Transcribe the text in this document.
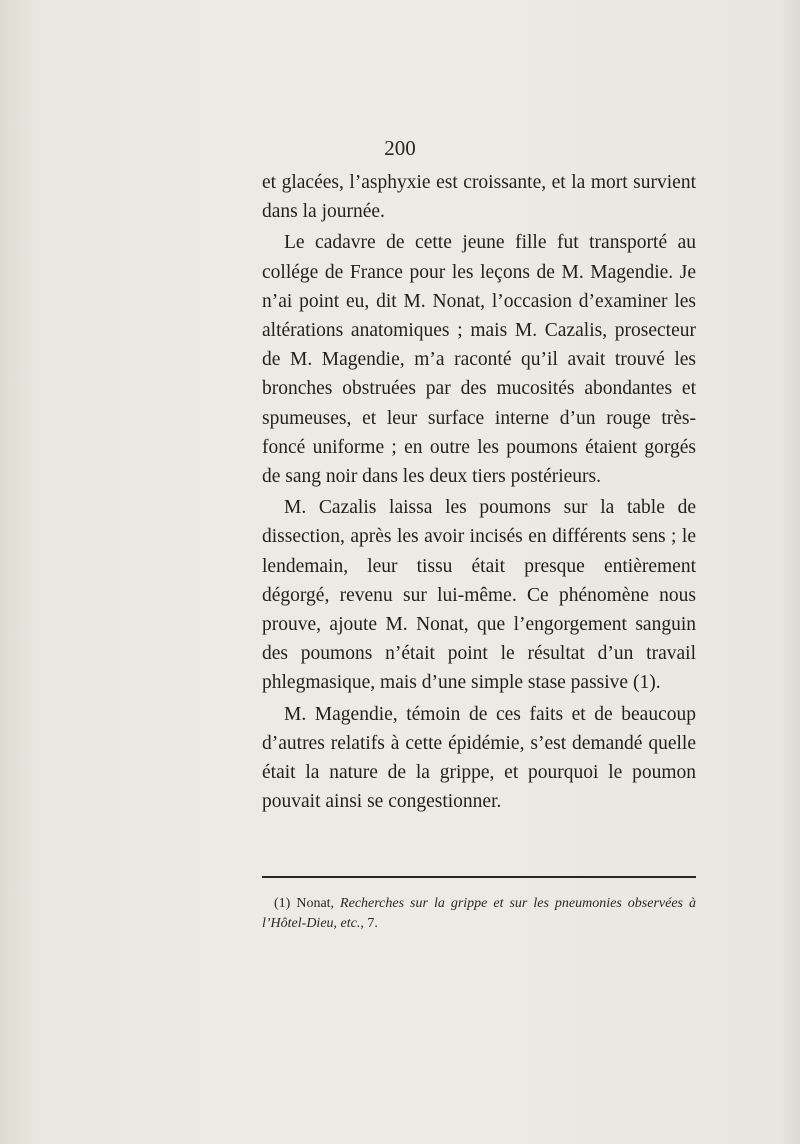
200

et glacées, l’asphyxie est croissante, et la mort survient dans la journée.

Le cadavre de cette jeune fille fut transporté au collége de France pour les leçons de M. Magendie. Je n’ai point eu, dit M. Nonat, l’occasion d’examiner les altérations anatomiques ; mais M. Cazalis, prosecteur de M. Magendie, m’a raconté qu’il avait trouvé les bronches obstruées par des mucosités abondantes et spumeuses, et leur surface interne d’un rouge très-foncé uniforme ; en outre les poumons étaient gorgés de sang noir dans les deux tiers postérieurs.

M. Cazalis laissa les poumons sur la table de dissection, après les avoir incisés en différents sens ; le lendemain, leur tissu était presque entièrement dégorgé, revenu sur lui-même. Ce phénomène nous prouve, ajoute M. Nonat, que l’engorgement sanguin des poumons n’était point le résultat d’un travail phlegmasique, mais d’une simple stase passive (1).

M. Magendie, témoin de ces faits et de beaucoup d’autres relatifs à cette épidémie, s’est demandé quelle était la nature de la grippe, et pourquoi le poumon pouvait ainsi se congestionner.

(1) Nonat, Recherches sur la grippe et sur les pneumonies observées à l’Hôtel-Dieu, etc., 7.
